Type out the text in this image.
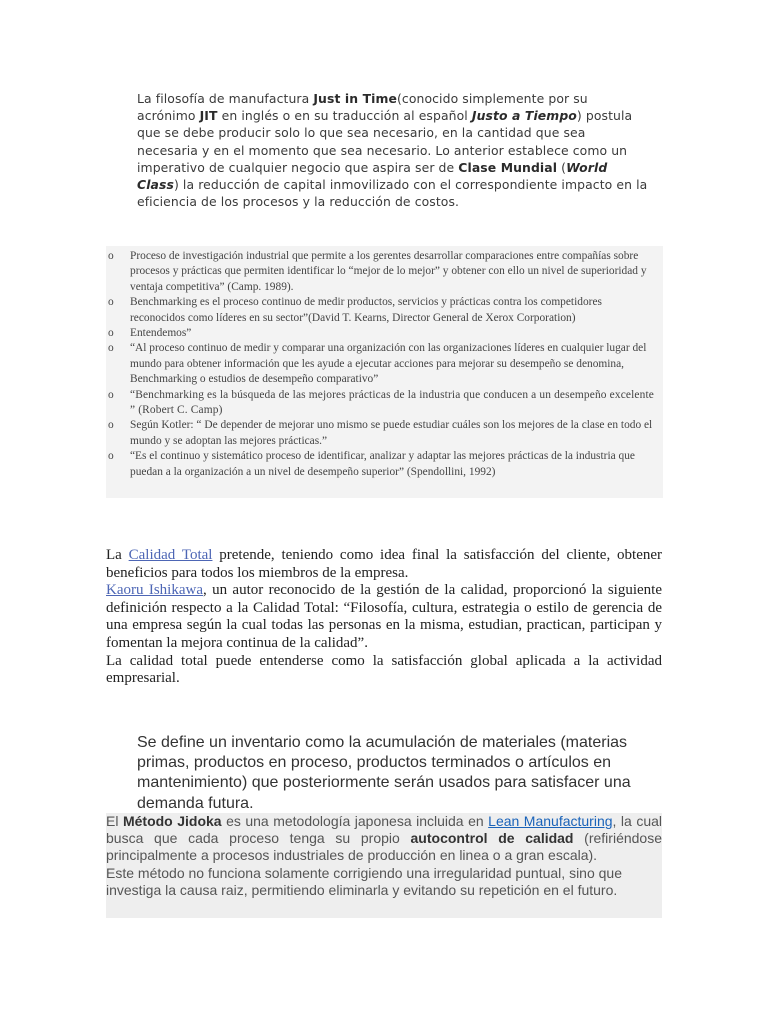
La filosofía de manufactura Just in Time(conocido simplemente por su acrónimo JIT en inglés o en su traducción al español Justo a Tiempo) postula que se debe producir solo lo que sea necesario, en la cantidad que sea necesaria y en el momento que sea necesario. Lo anterior establece como un imperativo de cualquier negocio que aspira ser de Clase Mundial (World Class) la reducción de capital inmovilizado con el correspondiente impacto en la eficiencia de los procesos y la reducción de costos.
o Proceso de investigación industrial que permite a los gerentes desarrollar comparaciones entre compañías sobre procesos y prácticas que permiten identificar lo “mejor de lo mejor” y obtener con ello un nivel de superioridad y ventaja competitiva” (Camp. 1989).
o Benchmarking es el proceso continuo de medir productos, servicios y prácticas contra los competidores reconocidos como líderes en su sector”(David T. Kearns, Director General de Xerox Corporation)
o Entendemos”
o “Al proceso continuo de medir y comparar una organización con las organizaciones líderes en cualquier lugar del mundo para obtener información que les ayude a ejecutar acciones para mejorar su desempeño se denomina, Benchmarking o estudios de desempeño comparativo”
o “Benchmarking es la búsqueda de las mejores prácticas de la industria que conducen a un desempeño excelente ” (Robert C. Camp)
o Según Kotler: “ De depender de mejorar uno mismo se puede estudiar cuáles son los mejores de la clase en todo el mundo y se adoptan las mejores prácticas.”
o “Es el continuo y sistemático proceso de identificar, analizar y adaptar las mejores prácticas de la industria que puedan a la organización a un nivel de desempeño superior” (Spendollini, 1992)

La Calidad Total pretende, teniendo como idea final la satisfacción del cliente, obtener beneficios para todos los miembros de la empresa.

Kaoru Ishikawa, un autor reconocido de la gestión de la calidad, proporcionó la siguiente definición respecto a la Calidad Total: “Filosofía, cultura, estrategia o estilo de gerencia de una empresa según la cual todas las personas en la misma, estudian, practican, participan y fomentan la mejora continua de la calidad”.

La calidad total puede entenderse como la satisfacción global aplicada a la actividad empresarial.

Se define un inventario como la acumulación de materiales (materias primas, productos en proceso, productos terminados o artículos en mantenimiento) que posteriormente serán usados para satisfacer una demanda futura.

El Método Jidoka es una metodología japonesa incluida en Lean Manufacturing, la cual busca que cada proceso tenga su propio autocontrol de calidad (refiriéndose principalmente a procesos industriales de producción en linea o a gran escala).

Este método no funciona solamente corrigiendo una irregularidad puntual, sino que investiga la causa raiz, permitiendo eliminarla y evitando su repetición en el futuro.
